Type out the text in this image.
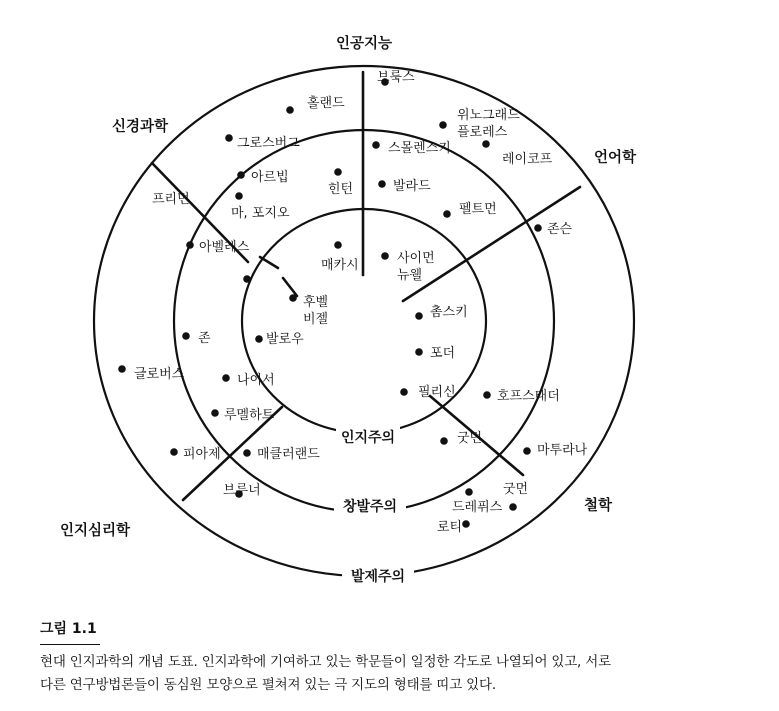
인공지능
신경과학
언어학
인지심리학
철학
인지주의
창발주의
발제주의
브룩스
홀랜드
위노그래드 플로레스
그로스버그	스몰렌스키
레이코프
아르빕
힌턴	발라드
프리먼
마, 포지오	펠트먼
존슨
아벨레스
매카시	사이먼 뉴웰
후벨 비젤	촘스키
존	발로우
포더
글로버스	나이서
필리신	호프스태더
루멜하트
굿먼
피아제	매클러랜드	마투라나
브루너	굿먼
드레퓌스
로티

그림 1.1

현대 인지과학의 개념 도표. 인지과학에 기여하고 있는 학문들이 일정한 각도로 나열되어 있고, 서로
다른 연구방법론들이 동심원 모양으로 펼쳐져 있는 극 지도의 형태를 띠고 있다.
